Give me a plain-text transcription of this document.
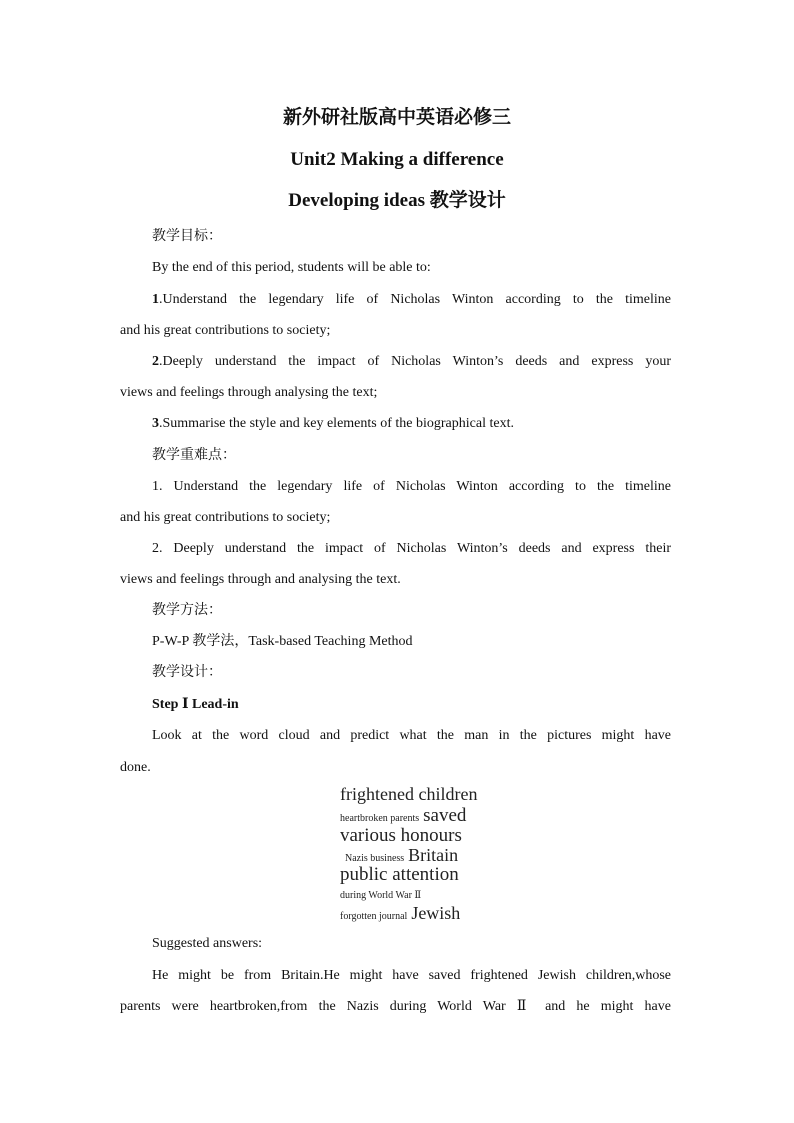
新外研社版高中英语必修三
Unit2 Making a difference
Developing ideas 教学设计
教学目标：
By the end of this period, students will be able to:
1.Understand the legendary life of Nicholas Winton according to the timeline
and his great contributions to society;
2.Deeply understand the impact of Nicholas Winton’s deeds and express your
views and feelings through analysing the text;
3.Summarise the style and key elements of the biographical text.
教学重难点：
1. Understand the legendary life of Nicholas Winton according to the timeline
and his great contributions to society;
2. Deeply understand the impact of Nicholas Winton’s deeds and express their
views and feelings through and analysing the text.
教学方法：
P-W-P 教学法，Task-based Teaching Method
教学设计：
Step Ⅰ Lead-in
Look at the word cloud and predict what the man in the pictures might have
done.
frightened children
heartbroken parents saved
various honours
Nazis business Britain
public attention
during World War Ⅱ
forgotten journal Jewish
Suggested answers:
He might be from Britain.He might have saved frightened Jewish children,whose
parents were heartbroken,from the Nazis during World War Ⅱ and he might have
